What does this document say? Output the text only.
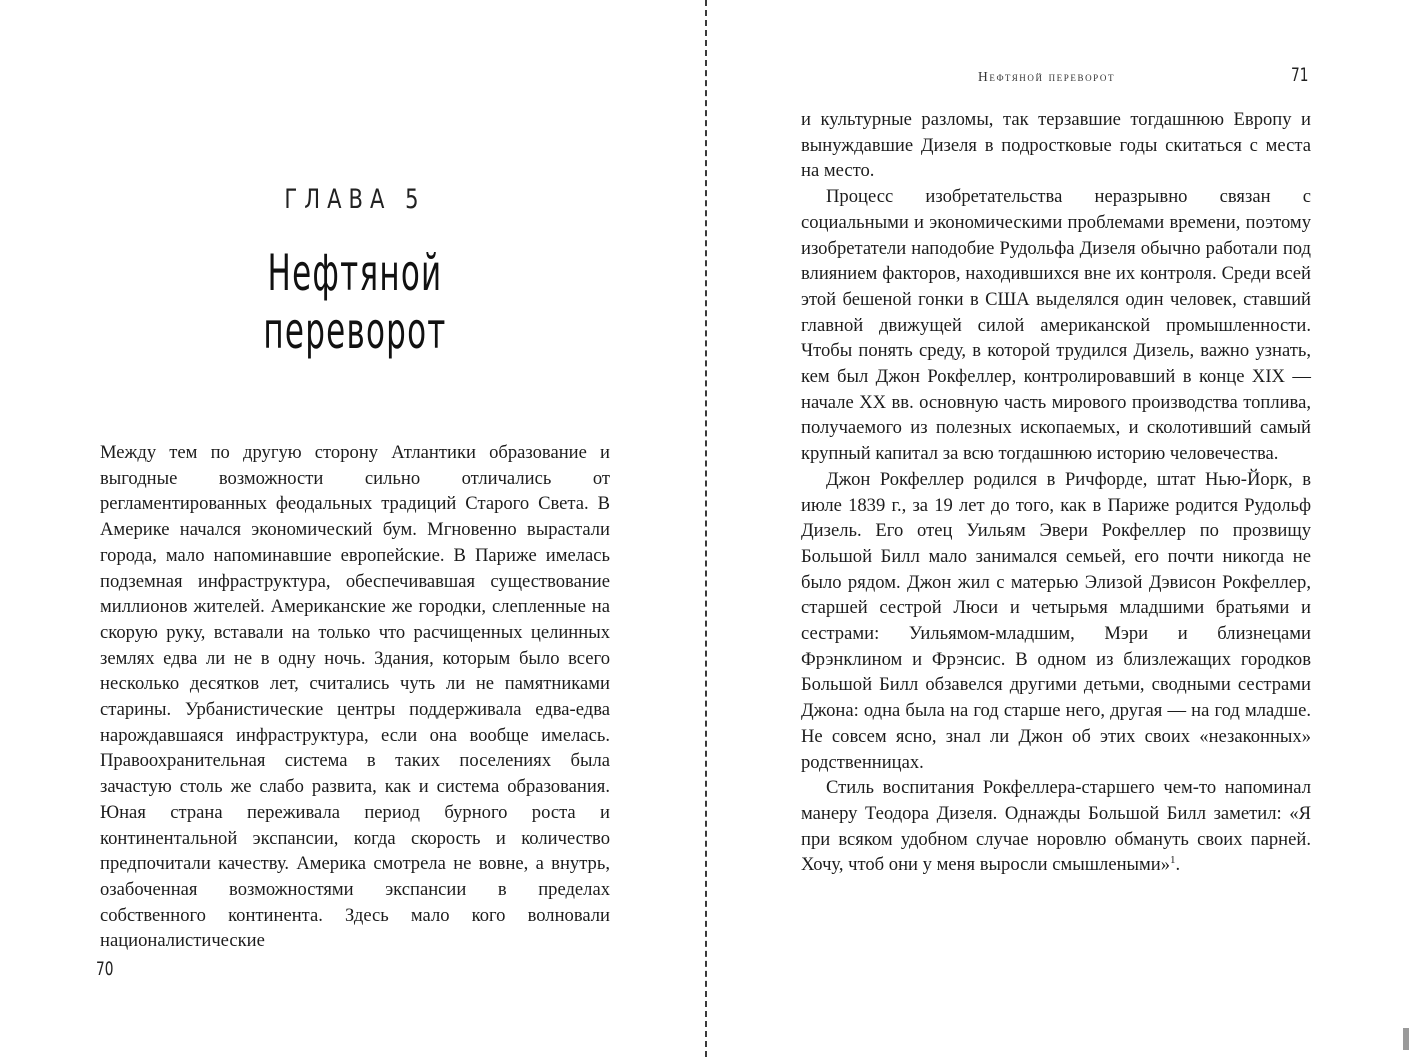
ГЛАВА 5
Нефтяной переворот

Между тем по другую сторону Атлантики образование и выгодные возможности сильно отличались от регламентированных феодальных традиций Старого Света. В Америке начался экономический бум. Мгновенно вырастали города, мало напоминавшие европейские. В Париже имелась подземная инфраструктура, обеспечивавшая существование миллионов жителей. Американские же городки, слепленные на скорую руку, вставали на только что расчищенных целинных землях едва ли не в одну ночь. Здания, которым было всего несколько десятков лет, считались чуть ли не памятниками старины. Урбанистические центры поддерживала едва-едва нарождавшаяся инфраструктура, если она вообще имелась. Правоохранительная система в таких поселениях была зачастую столь же слабо развита, как и система образования. Юная страна переживала период бурного роста и континентальной экспансии, когда скорость и количество предпочитали качеству. Америка смотрела не вовне, а внутрь, озабоченная возможностями экспансии в пределах собственного континента. Здесь мало кого волновали националистические

70
Нефтяной переворот	71

и культурные разломы, так терзавшие тогдашнюю Европу и вынуждавшие Дизеля в подростковые годы скитаться с места на место.

Процесс изобретательства неразрывно связан с социальными и экономическими проблемами времени, поэтому изобретатели наподобие Рудольфа Дизеля обычно работали под влиянием факторов, находившихся вне их контроля. Среди всей этой бешеной гонки в США выделялся один человек, ставший главной движущей силой американской промышленности. Чтобы понять среду, в которой трудился Дизель, важно узнать, кем был Джон Рокфеллер, контролировавший в конце XIX — начале XX вв. основную часть мирового производства топлива, получаемого из полезных ископаемых, и сколотивший самый крупный капитал за всю тогдашнюю историю человечества.

Джон Рокфеллер родился в Ричфорде, штат Нью-Йорк, в июле 1839 г., за 19 лет до того, как в Париже родится Рудольф Дизель. Его отец Уильям Эвери Рокфеллер по прозвищу Большой Билл мало занимался семьей, его почти никогда не было рядом. Джон жил с матерью Элизой Дэвисон Рокфеллер, старшей сестрой Люси и четырьмя младшими братьями и сестрами: Уильямом-младшим, Мэри и близнецами Фрэнклином и Фрэнсис. В одном из близлежащих городков Большой Билл обзавелся другими детьми, сводными сестрами Джона: одна была на год старше него, другая — на год младше. Не совсем ясно, знал ли Джон об этих своих «незаконных» родственницах.

Стиль воспитания Рокфеллера-старшего чем-то напоминал манеру Теодора Дизеля. Однажды Большой Билл заметил: «Я при всяком удобном случае норовлю обмануть своих парней. Хочу, чтоб они у меня выросли смышлеными»$^1$.
